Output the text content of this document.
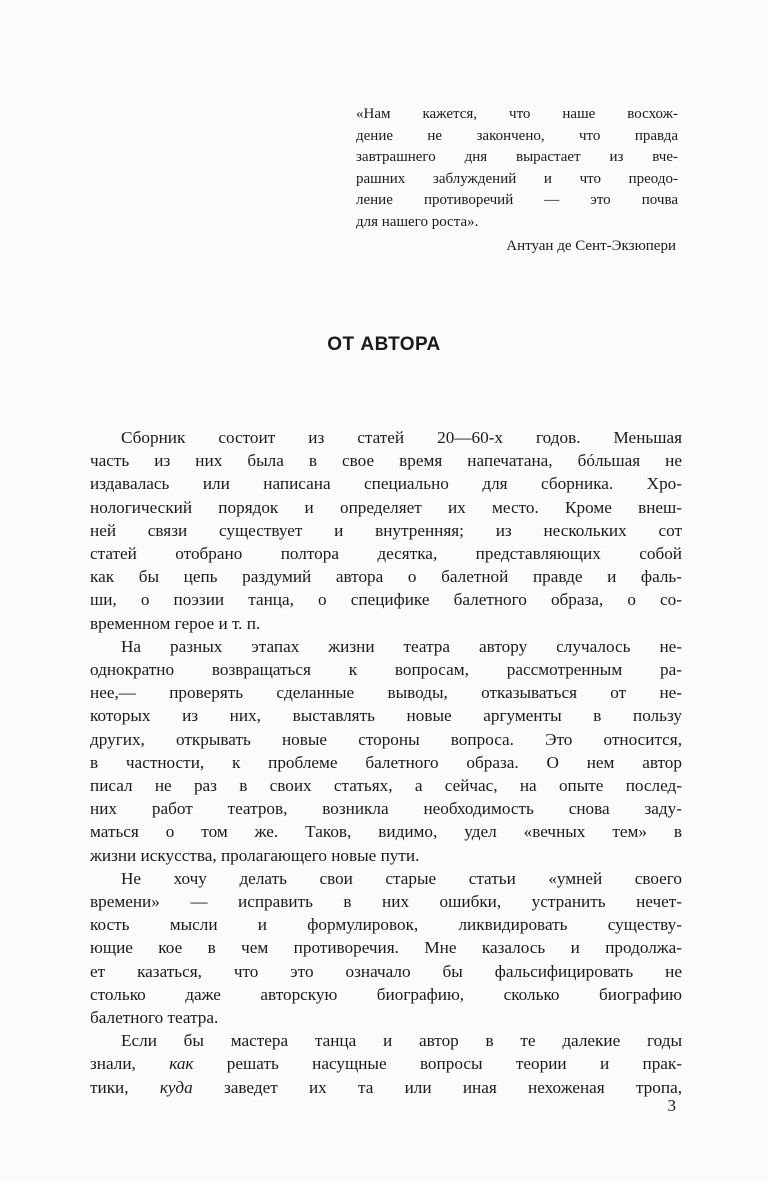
«Нам кажется, что наше восхож-
дение не закончено, что правда
завтрашнего дня вырастает из вче-
рашних заблуждений и что преодо-
ление противоречий — это почва
для нашего роста».

Антуан де Сент-Экзюпери
ОТ АВТОРА

Сборник состоит из статей 20—60-х годов. Меньшая
часть из них была в свое время напечатана, бóльшая не
издавалась или написана специально для сборника. Хро-
нологический порядок и определяет их место. Кроме внеш-
ней связи существует и внутренняя; из нескольких сот
статей отобрано полтора десятка, представляющих собой
как бы цепь раздумий автора о балетной правде и фаль-
ши, о поэзии танца, о специфике балетного образа, о со-
временном герое и т. п.

На разных этапах жизни театра автору случалось не-
однократно возвращаться к вопросам, рассмотренным ра-
нее,— проверять сделанные выводы, отказываться от не-
которых из них, выставлять новые аргументы в пользу
других, открывать новые стороны вопроса. Это относится,
в частности, к проблеме балетного образа. О нем автор
писал не раз в своих статьях, а сейчас, на опыте послед-
них работ театров, возникла необходимость снова заду-
маться о том же. Таков, видимо, удел «вечных тем» в
жизни искусства, пролагающего новые пути.

Не хочу делать свои старые статьи «умней своего
времени» — исправить в них ошибки, устранить нечет-
кость мысли и формулировок, ликвидировать существу-
ющие кое в чем противоречия. Мне казалось и продолжа-
ет казаться, что это означало бы фальсифицировать не
столько даже авторскую биографию, сколько биографию
балетного театра.

Если бы мастера танца и автор в те далекие годы
знали, как решать насущные вопросы теории и прак-
тики, куда заведет их та или иная нехоженая тропа,

3
